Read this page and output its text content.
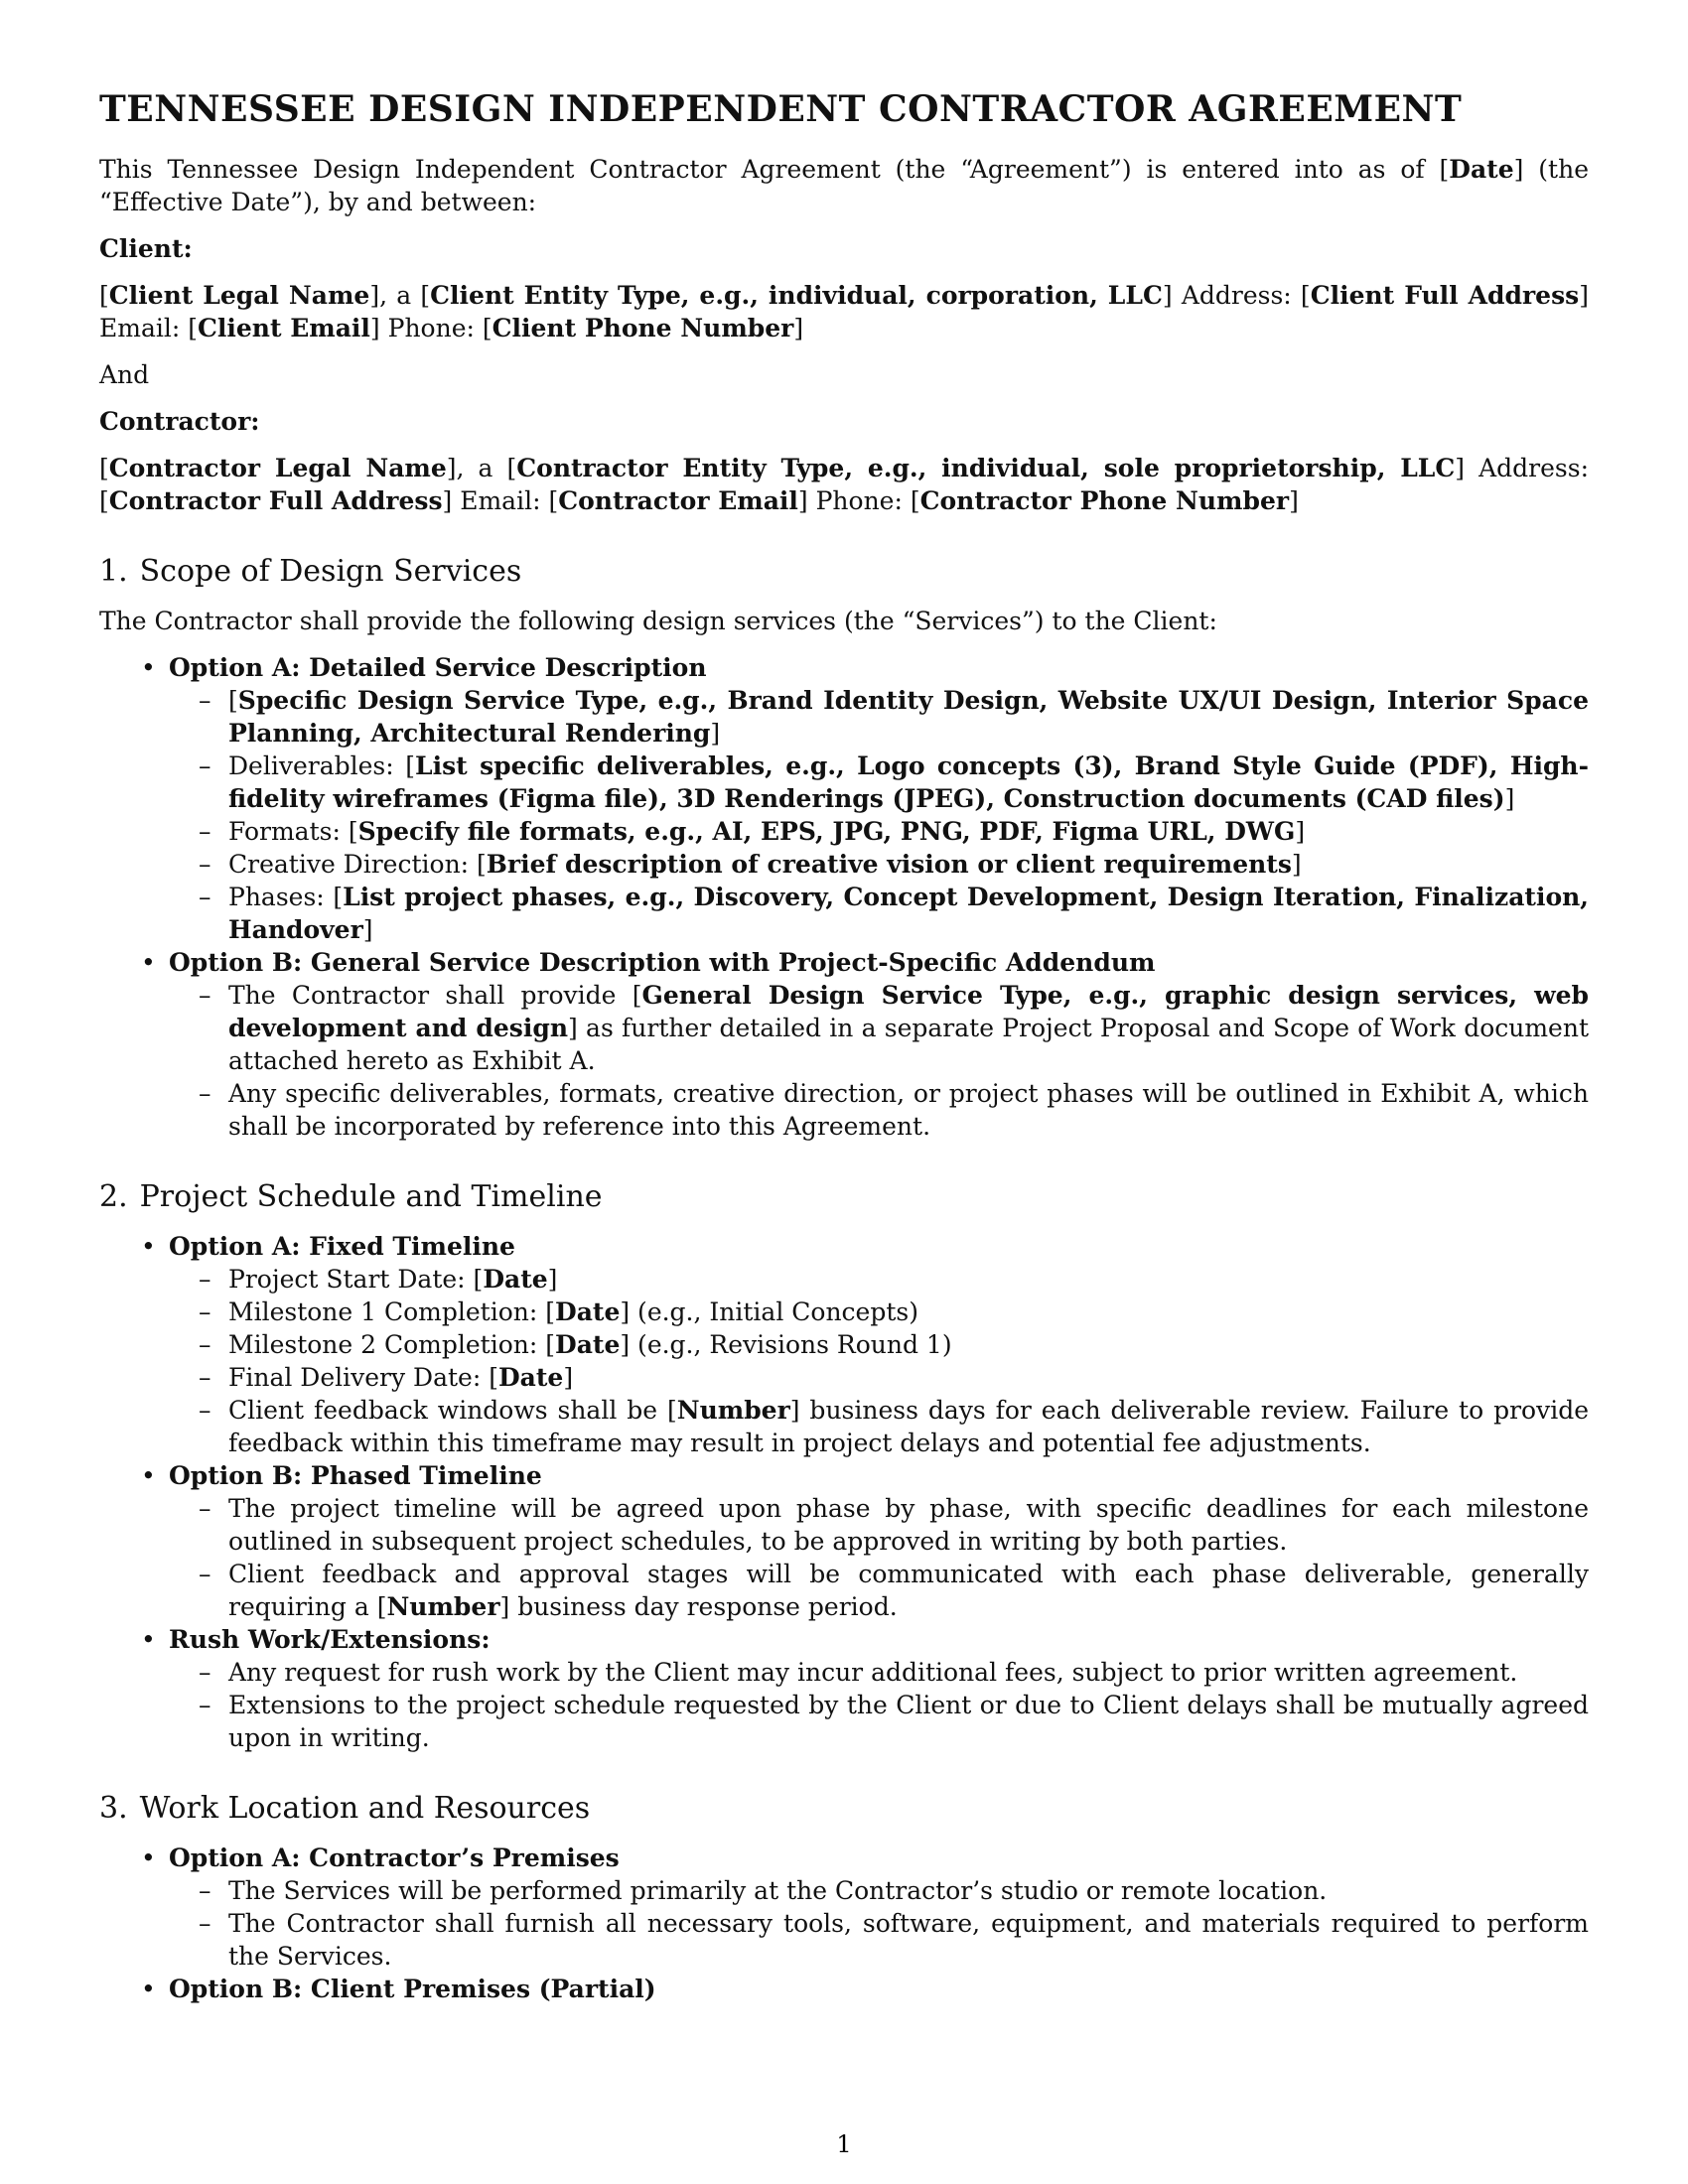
TENNESSEE DESIGN INDEPENDENT CONTRACTOR AGREEMENT

This Tennessee Design Independent Contractor Agreement (the “Agreement”) is entered into as of [Date] (the “Effective Date”), by and between:

Client:

[Client Legal Name], a [Client Entity Type, e.g., individual, corporation, LLC] Address: [Client Full Address] Email: [Client Email] Phone: [Client Phone Number]

And

Contractor:

[Contractor Legal Name], a [Contractor Entity Type, e.g., individual, sole proprietorship, LLC] Address: [Contractor Full Address] Email: [Contractor Email] Phone: [Contractor Phone Number]

1. Scope of Design Services

The Contractor shall provide the following design services (the “Services”) to the Client:

• Option A: Detailed Service Description
– [Specific Design Service Type, e.g., Brand Identity Design, Website UX/UI Design, Interior Space Planning, Architectural Rendering]
– Deliverables: [List specific deliverables, e.g., Logo concepts (3), Brand Style Guide (PDF), High-fidelity wireframes (Figma file), 3D Renderings (JPEG), Construction documents (CAD files)]
– Formats: [Specify file formats, e.g., AI, EPS, JPG, PNG, PDF, Figma URL, DWG]
– Creative Direction: [Brief description of creative vision or client requirements]
– Phases: [List project phases, e.g., Discovery, Concept Development, Design Iteration, Finalization, Handover]
• Option B: General Service Description with Project-Specific Addendum
– The Contractor shall provide [General Design Service Type, e.g., graphic design services, web development and design] as further detailed in a separate Project Proposal and Scope of Work document attached hereto as Exhibit A.
– Any specific deliverables, formats, creative direction, or project phases will be outlined in Exhibit A, which shall be incorporated by reference into this Agreement.
2. Project Schedule and Timeline
• Option A: Fixed Timeline
– Project Start Date: [Date]
– Milestone 1 Completion: [Date] (e.g., Initial Concepts)
– Milestone 2 Completion: [Date] (e.g., Revisions Round 1)
– Final Delivery Date: [Date]
– Client feedback windows shall be [Number] business days for each deliverable review. Failure to provide feedback within this timeframe may result in project delays and potential fee adjustments.
• Option B: Phased Timeline
– The project timeline will be agreed upon phase by phase, with specific deadlines for each milestone outlined in subsequent project schedules, to be approved in writing by both parties.
– Client feedback and approval stages will be communicated with each phase deliverable, generally requiring a [Number] business day response period.
• Rush Work/Extensions:
– Any request for rush work by the Client may incur additional fees, subject to prior written agreement.
– Extensions to the project schedule requested by the Client or due to Client delays shall be mutually agreed upon in writing.
3. Work Location and Resources
• Option A: Contractor’s Premises
– The Services will be performed primarily at the Contractor’s studio or remote location.
– The Contractor shall furnish all necessary tools, software, equipment, and materials required to perform the Services.
• Option B: Client Premises (Partial)
1
